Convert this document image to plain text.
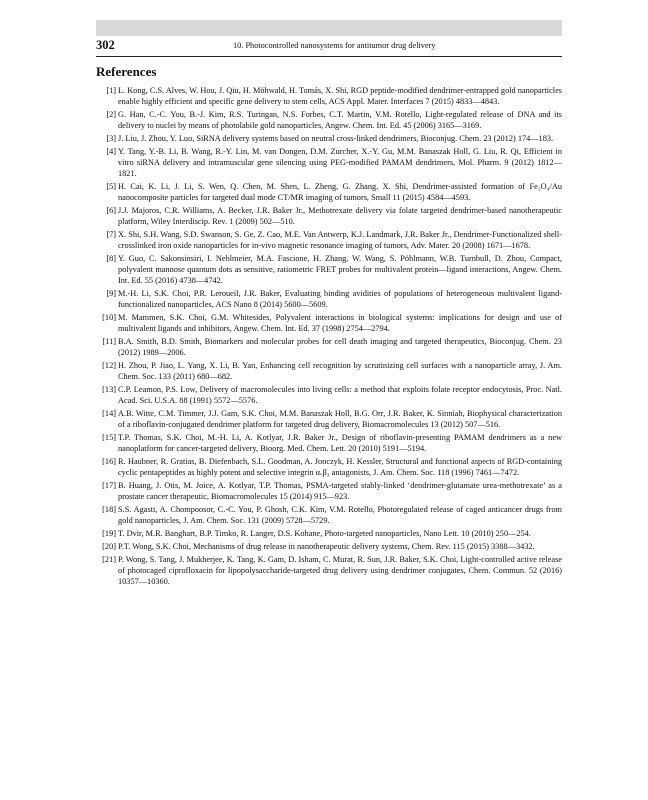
302	10. Photocontrolled nanosystems for antitumor drug delivery
References
[1] L. Kong, C.S. Alves, W. Hou, J. Qiu, H. Möhwald, H. Tomás, X. Shi, RGD peptide-modified dendrimer-entrapped gold nanoparticles enable highly efficient and specific gene delivery to stem cells, ACS Appl. Mater. Interfaces 7 (2015) 4833—4843.
[2] G. Han, C.-C. You, B.-J. Kim, R.S. Turingan, N.S. Forbes, C.T. Martin, V.M. Rotello, Light-regulated release of DNA and its delivery to nuclei by means of photolabile gold nanoparticles, Angew. Chem. Int. Ed. 45 (2006) 3165—3169.
[3] J. Liu, J. Zhou, Y. Luo, SiRNA delivery systems based on neutral cross-linked dendrimers, Bioconjug. Chem. 23 (2012) 174—183.
[4] Y. Tang, Y.-B. Li, B. Wang, R.-Y. Lin, M. van Dongen, D.M. Zurcher, X.-Y. Gu, M.M. Banaszak Holl, G. Liu, R. Qi, Efficient in vitro siRNA delivery and intramuscular gene silencing using PEG-modified PAMAM dendrimers, Mol. Pharm. 9 (2012) 1812—1821.
[5] H. Cai, K. Li, J. Li, S. Wen, Q. Chen, M. Shen, L. Zheng, G. Zhang, X. Shi, Dendrimer-assisted formation of Fe₃O₄/Au nanocomposite particles for targeted dual mode CT/MR imaging of tumors, Small 11 (2015) 4584—4593.
[6] J.J. Majoros, C.R. Williams, A. Becker, J.R. Baker Jr., Methotrexate delivery via folate targeted dendrimer-based nanotherapeutic platform, Wiley Interdiscip. Rev. 1 (2009) 502—510.
[7] X. Shi, S.H. Wang, S.D. Swanson, S. Ge, Z. Cao, M.E. Van Antwerp, K.J. Landmark, J.R. Baker Jr., Dendrimer-Functionalized shell-crosslinked iron oxide nanoparticles for in-vivo magnetic resonance imaging of tumors, Adv. Mater. 20 (2008) 1671—1678.
[8] Y. Guo, C. Sakonsinsiri, I. Nehlmeier, M.A. Fascione, H. Zhang, W. Wang, S. Pöhlmann, W.B. Turnbull, D. Zhou, Compact, polyvalent mannose quantum dots as sensitive, ratiometric FRET probes for multivalent protein—ligand interactions, Angew. Chem. Int. Ed. 55 (2016) 4738—4742.
[9] M.-H. Li, S.K. Choi, P.R. Leroueil, J.R. Baker, Evaluating binding avidities of populations of heterogeneous multivalent ligand-functionalized nanoparticles, ACS Nano 8 (2014) 5600—5609.
[10] M. Mammen, S.K. Choi, G.M. Whitesides, Polyvalent interactions in biological systems: implications for design and use of multivalent ligands and inhibitors, Angew. Chem. Int. Ed. 37 (1998) 2754—2794.
[11] B.A. Smith, B.D. Smith, Biomarkers and molecular probes for cell death imaging and targeted therapeutics, Bioconjug. Chem. 23 (2012) 1989—2006.
[12] H. Zhou, P. Jiao, L. Yang, X. Li, B. Yan, Enhancing cell recognition by scrutinizing cell surfaces with a nanoparticle array, J. Am. Chem. Soc. 133 (2011) 680—682.
[13] C.P. Leamon, P.S. Low, Delivery of macromolecules into living cells: a method that exploits folate receptor endocytosis, Proc. Natl. Acad. Sci. U.S.A. 88 (1991) 5572—5576.
[14] A.B. Witte, C.M. Timmer, J.J. Gam, S.K. Choi, M.M. Banaszak Holl, B.G. Orr, J.R. Baker, K. Sinniah, Biophysical characterization of a riboflavin-conjugated dendrimer platform for targeted drug delivery, Biomacromolecules 13 (2012) 507—516.
[15] T.P. Thomas, S.K. Choi, M.-H. Li, A. Kotlyar, J.R. Baker Jr., Design of riboflavin-presenting PAMAM dendrimers as a new nanoplatform for cancer-targeted delivery, Bioorg. Med. Chem. Lett. 20 (2010) 5191—5194.
[16] R. Haubner, R. Gratias, B. Diefenbach, S.L. Goodman, A. Jonczyk, H. Kessler, Structural and functional aspects of RGD-containing cyclic pentapeptides as highly potent and selective integrin αᵥβ₃ antagonists, J. Am. Chem. Soc. 118 (1996) 7461—7472.
[17] B. Huang, J. Otis, M. Joice, A. Kotlyar, T.P. Thomas, PSMA-targeted stably-linked ‘dendrimer-glutamate urea-methotrexate’ as a prostate cancer therapeutic, Biomacromolecules 15 (2014) 915—923.
[18] S.S. Agasti, A. Chompoosor, C.-C. You, P. Ghosh, C.K. Kim, V.M. Rotello, Photoregulated release of caged anticancer drugs from gold nanoparticles, J. Am. Chem. Soc. 131 (2009) 5728—5729.
[19] T. Dvir, M.R. Banghart, B.P. Timko, R. Langer, D.S. Kohane, Photo-targeted nanoparticles, Nano Lett. 10 (2010) 250—254.
[20] P.T. Wong, S.K. Choi, Mechanisms of drug release in nanotherapeutic delivery systems, Chem. Rev. 115 (2015) 3388—3432.
[21] P. Wong, S. Tang, J. Mukherjee, K. Tang, K. Gam, D. Isham, C. Murat, R. Sun, J.R. Baker, S.K. Choi, Light-controlled active release of photocaged ciprofloxacin for lipopolysaccharide-targeted drug delivery using dendrimer conjugates, Chem. Commun. 52 (2016) 10357—10360.
